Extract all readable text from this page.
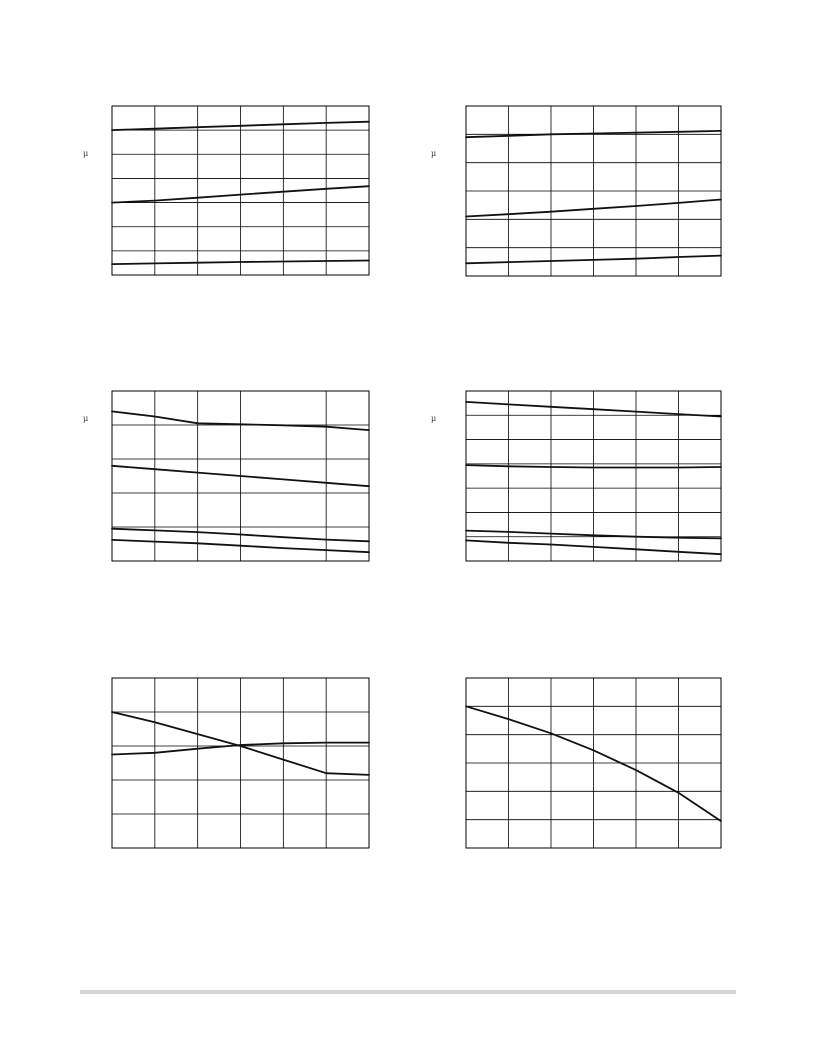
µ	µ
µ	µ
